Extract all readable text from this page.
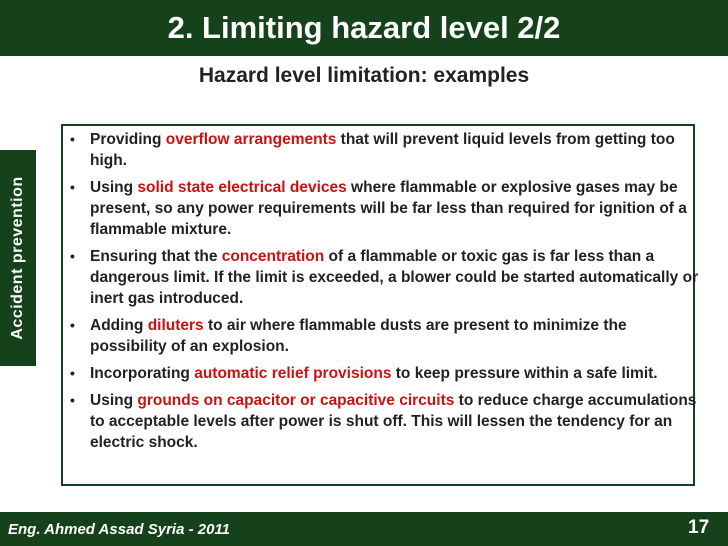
2. Limiting hazard level 2/2
Hazard level limitation: examples
Accident prevention
• Providing overflow arrangements that will prevent liquid levels from getting too high.
• Using solid state electrical devices where flammable or explosive gases may be present, so any power requirements will be far less than required for ignition of a flammable mixture.
• Ensuring that the concentration of a flammable or toxic gas is far less than a dangerous limit. If the limit is exceeded, a blower could be started automatically or inert gas introduced.
• Adding diluters to air where flammable dusts are present to minimize the possibility of an explosion.
• Incorporating automatic relief provisions to keep pressure within a safe limit.
• Using grounds on capacitor or capacitive circuits to reduce charge accumulations to acceptable levels after power is shut off. This will lessen the tendency for an electric shock.
Eng. Ahmed Assad Syria - 2011	17
